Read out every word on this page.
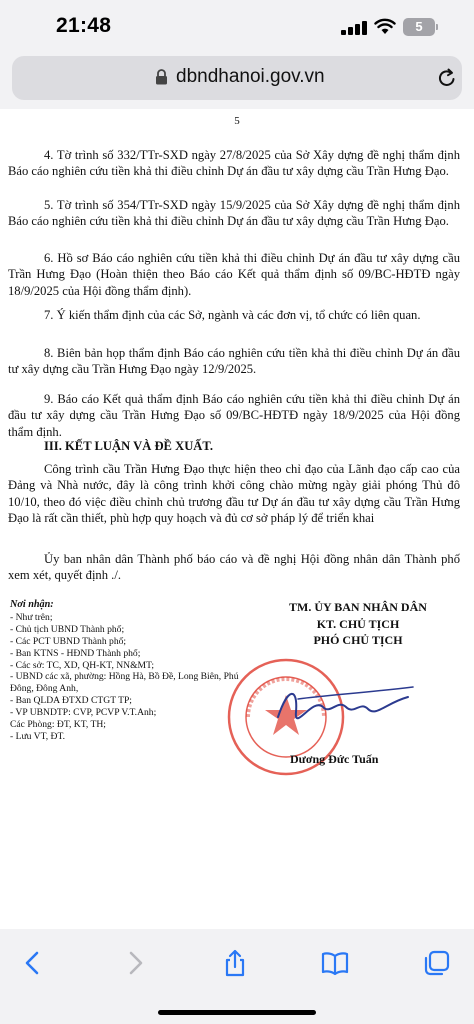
21:48	5
dbndhanoi.gov.vn
5
4. Tờ trình số 332/TTr-SXD ngày 27/8/2025 của Sở Xây dựng đề nghị thẩm định Báo cáo nghiên cứu tiền khả thi điều chỉnh Dự án đầu tư xây dựng cầu Trần Hưng Đạo.
5. Tờ trình số 354/TTr-SXD ngày 15/9/2025 của Sở Xây dựng đề nghị thẩm định Báo cáo nghiên cứu tiền khả thi điều chỉnh Dự án đầu tư xây dựng cầu Trần Hưng Đạo.
6. Hồ sơ Báo cáo nghiên cứu tiền khả thi điều chỉnh Dự án đầu tư xây dựng cầu Trần Hưng Đạo (Hoàn thiện theo Báo cáo Kết quả thẩm định số 09/BC-HĐTĐ ngày 18/9/2025 của Hội đồng thẩm định).
7. Ý kiến thẩm định của các Sở, ngành và các đơn vị, tổ chức có liên quan.
8. Biên bản họp thẩm định Báo cáo nghiên cứu tiền khả thi điều chỉnh Dự án đầu tư xây dựng cầu Trần Hưng Đạo ngày 12/9/2025.
9. Báo cáo Kết quả thẩm định Báo cáo nghiên cứu tiền khả thi điều chỉnh Dự án đầu tư xây dựng cầu Trần Hưng Đạo số 09/BC-HĐTĐ ngày 18/9/2025 của Hội đồng thẩm định.
III. KẾT LUẬN VÀ ĐỀ XUẤT.
Công trình cầu Trần Hưng Đạo thực hiện theo chỉ đạo của Lãnh đạo cấp cao của Đảng và Nhà nước, đây là công trình khởi công chào mừng ngày giải phóng Thủ đô 10/10, theo đó việc điều chỉnh chủ trương đầu tư Dự án đầu tư xây dựng cầu Trần Hưng Đạo là rất cần thiết, phù hợp quy hoạch và đủ cơ sở pháp lý để triển khai
Ủy ban nhân dân Thành phố báo cáo và đề nghị Hội đồng nhân dân Thành phố xem xét, quyết định ./.
Nơi nhận:
- Như trên;
- Chủ tịch UBND Thành phố;
- Các PCT UBND Thành phố;
- Ban KTNS - HĐND Thành phố;
- Các sở: TC, XD, QH-KT, NN&MT;
- UBND các xã, phường: Hồng Hà, Bồ Đề, Long Biên, Phú Đông, Đông Anh,
- Ban QLDA ĐTXD CTGT TP;
- VP UBNDTP: CVP, PCVP V.T.Anh;
Các Phòng: ĐT, KT, TH;
- Lưu VT, ĐT.
TM. ỦY BAN NHÂN DÂN
KT. CHỦ TỊCH
PHÓ CHỦ TỊCH
Dương Đức Tuấn
